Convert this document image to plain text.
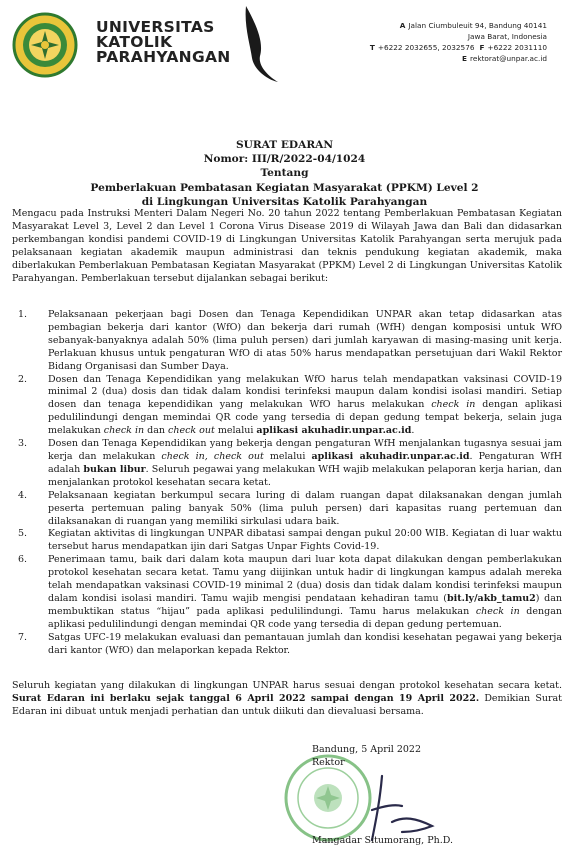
UNIVERSITAS
KATOLIK
PARAHYANGAN
A Jalan Ciumbuleuit 94, Bandung 40141
Jawa Barat, Indonesia
T +6222 2032655, 2032576 F +6222 2031110
E rektorat@unpar.ac.id
SURAT EDARAN
Nomor: III/R/2022-04/1024
Tentang
Pemberlakuan Pembatasan Kegiatan Masyarakat (PPKM) Level 2
di Lingkungan Universitas Katolik Parahyangan

Mengacu pada Instruksi Menteri Dalam Negeri No. 20 tahun 2022 tentang Pemberlakuan Pembatasan Kegiatan Masyarakat Level 3, Level 2 dan Level 1 Corona Virus Disease 2019 di Wilayah Jawa dan Bali dan didasarkan perkembangan kondisi pandemi COVID-19 di Lingkungan Universitas Katolik Parahyangan serta merujuk pada pelaksanaan kegiatan akademik maupun administrasi dan teknis pendukung kegiatan akademik, maka diberlakukan Pemberlakuan Pembatasan Kegiatan Masyarakat (PPKM) Level 2 di Lingkungan Universitas Katolik Parahyangan. Pemberlakuan tersebut dijalankan sebagai berikut:

1. Pelaksanaan pekerjaan bagi Dosen dan Tenaga Kependidikan UNPAR akan tetap didasarkan atas pembagian bekerja dari kantor (WfO) dan bekerja dari rumah (WfH) dengan komposisi untuk WfO sebanyak-banyaknya adalah 50% (lima puluh persen) dari jumlah karyawan di masing-masing unit kerja. Perlakuan khusus untuk pengaturan WfO di atas 50% harus mendapatkan persetujuan dari Wakil Rektor Bidang Organisasi dan Sumber Daya.
2. Dosen dan Tenaga Kependidikan yang melakukan WfO harus telah mendapatkan vaksinasi COVID-19 minimal 2 (dua) dosis dan tidak dalam kondisi terinfeksi maupun dalam kondisi isolasi mandiri. Setiap dosen dan tenaga kependidikan yang melakukan WfO harus melakukan check in dengan aplikasi pedulilindungi dengan memindai QR code yang tersedia di depan gedung tempat bekerja, selain juga melakukan check in dan check out melalui aplikasi akuhadir.unpar.ac.id.
3. Dosen dan Tenaga Kependidikan yang bekerja dengan pengaturan WfH menjalankan tugasnya sesuai jam kerja dan melakukan check in, check out melalui aplikasi akuhadir.unpar.ac.id. Pengaturan WfH adalah bukan libur. Seluruh pegawai yang melakukan WfH wajib melakukan pelaporan kerja harian, dan menjalankan protokol kesehatan secara ketat.
4. Pelaksanaan kegiatan berkumpul secara luring di dalam ruangan dapat dilaksanakan dengan jumlah peserta pertemuan paling banyak 50% (lima puluh persen) dari kapasitas ruang pertemuan dan dilaksanakan di ruangan yang memiliki sirkulasi udara baik.
5. Kegiatan aktivitas di lingkungan UNPAR dibatasi sampai dengan pukul 20:00 WIB. Kegiatan di luar waktu tersebut harus mendapatkan ijin dari Satgas Unpar Fights Covid-19.
6. Penerimaan tamu, baik dari dalam kota maupun dari luar kota dapat dilakukan dengan pemberlakukan protokol kesehatan secara ketat. Tamu yang diijinkan untuk hadir di lingkungan kampus adalah mereka telah mendapatkan vaksinasi COVID-19 minimal 2 (dua) dosis dan tidak dalam kondisi terinfeksi maupun dalam kondisi isolasi mandiri. Tamu wajib mengisi pendataan kehadiran tamu (bit.ly/akb_tamu2) dan membuktikan status “hijau” pada aplikasi pedulilindungi. Tamu harus melakukan check in dengan aplikasi pedulilindungi dengan memindai QR code yang tersedia di depan gedung pertemuan.
7. Satgas UFC-19 melakukan evaluasi dan pemantauan jumlah dan kondisi kesehatan pegawai yang bekerja dari kantor (WfO) dan melaporkan kepada Rektor.

Seluruh kegiatan yang dilakukan di lingkungan UNPAR harus sesuai dengan protokol kesehatan secara ketat. Surat Edaran ini berlaku sejak tanggal 6 April 2022 sampai dengan 19 April 2022. Demikian Surat Edaran ini dibuat untuk menjadi perhatian dan untuk diikuti dan dievaluasi bersama.

Bandung, 5 April 2022
Rektor
Mangadar Situmorang, Ph.D.
